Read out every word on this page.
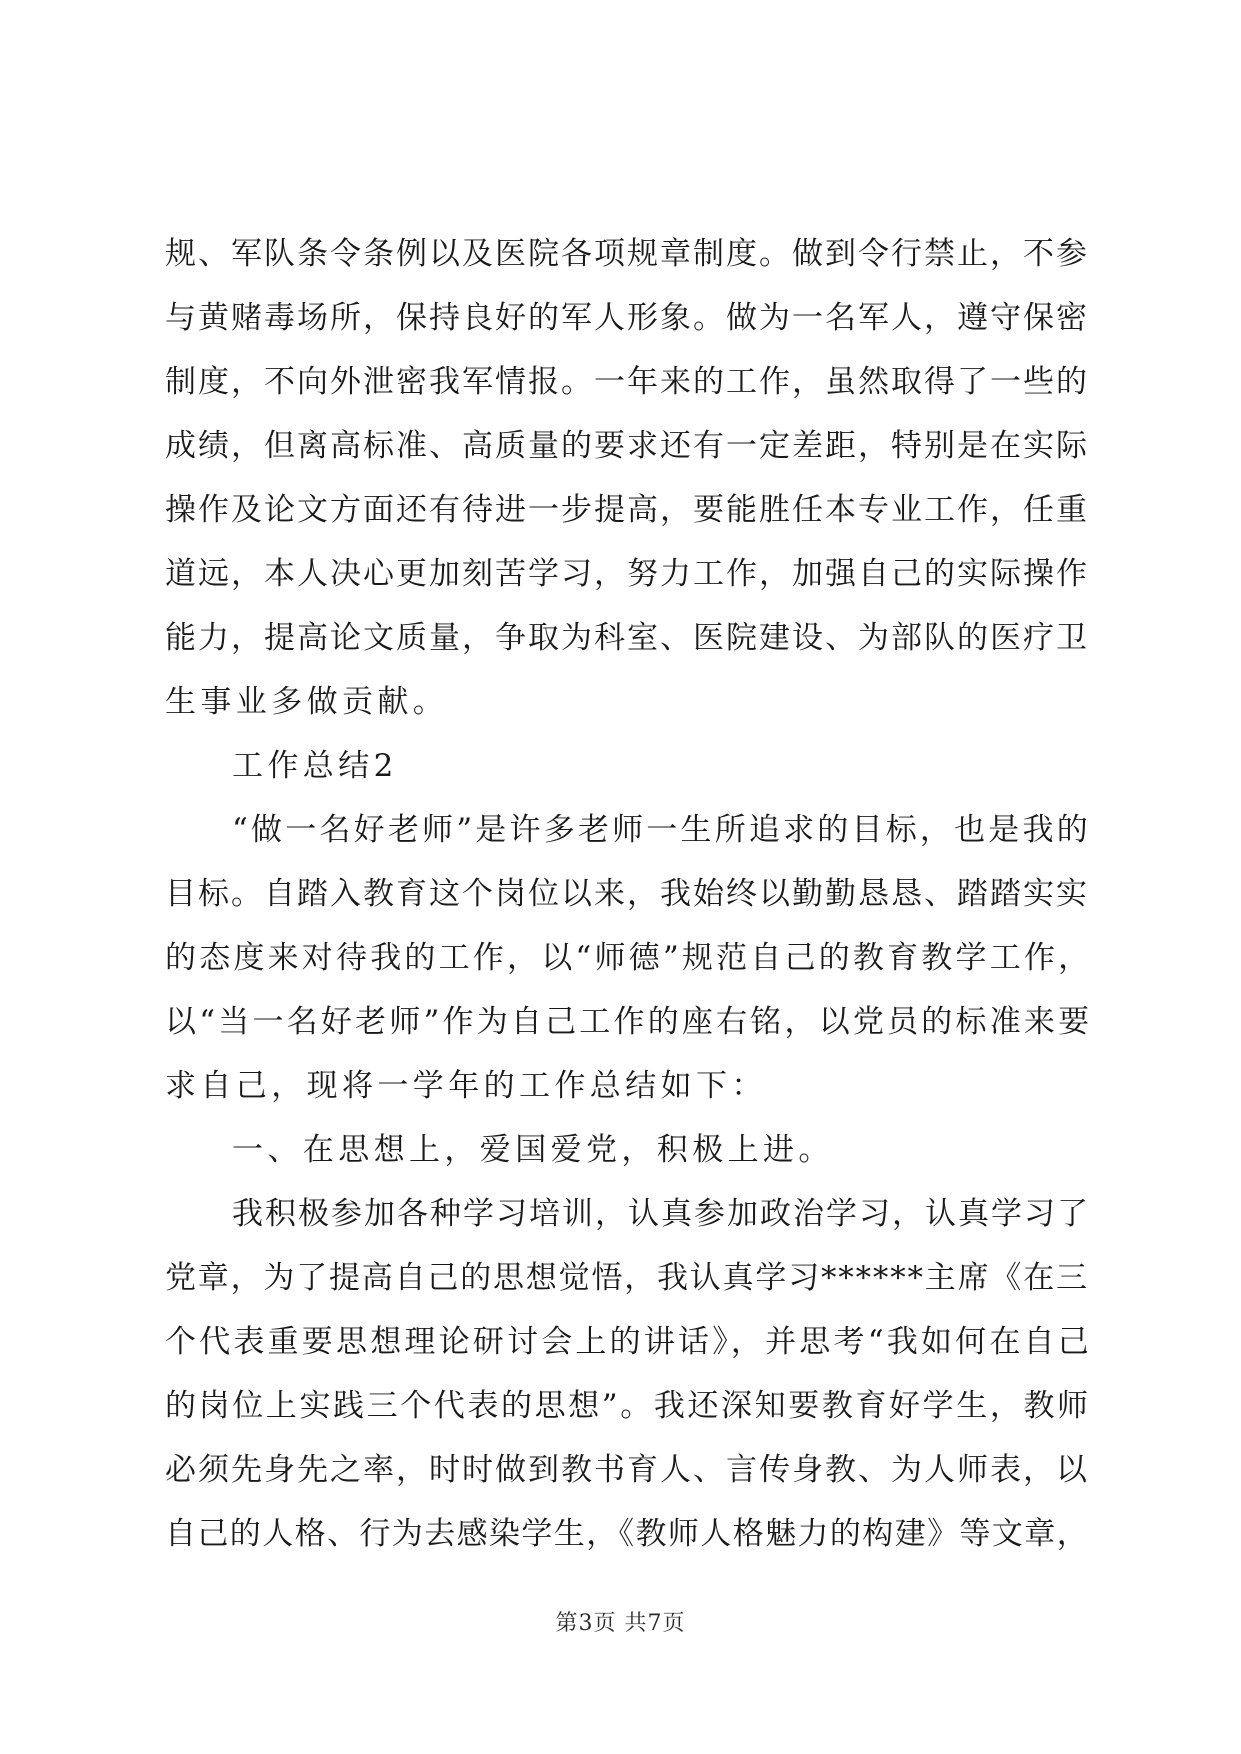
规、军队条令条例以及医院各项规章制度。做到令行禁止，不参
与黄赌毒场所，保持良好的军人形象。做为一名军人，遵守保密
制度，不向外泄密我军情报。一年来的工作，虽然取得了一些的
成绩，但离高标准、高质量的要求还有一定差距，特别是在实际
操作及论文方面还有待进一步提高，要能胜任本专业工作，任重
道远，本人决心更加刻苦学习，努力工作，加强自己的实际操作
能力，提高论文质量，争取为科室、医院建设、为部队的医疗卫
生事业多做贡献。
工作总结2
“做一名好老师”是许多老师一生所追求的目标，也是我的
目标。自踏入教育这个岗位以来，我始终以勤勤恳恳、踏踏实实
的态度来对待我的工作，以“师德”规范自己的教育教学工作，
以“当一名好老师”作为自己工作的座右铭，以党员的标准来要
求自己，现将一学年的工作总结如下：
一、在思想上，爱国爱党，积极上进。
我积极参加各种学习培训，认真参加政治学习，认真学习了
党章，为了提高自己的思想觉悟，我认真学习******主席《在三
个代表重要思想理论研讨会上的讲话》，并思考“我如何在自己
的岗位上实践三个代表的思想”。我还深知要教育好学生，教师
必须先身先之率，时时做到教书育人、言传身教、为人师表，以
自己的人格、行为去感染学生，《教师人格魅力的构建》等文章，
第3页 共7页
